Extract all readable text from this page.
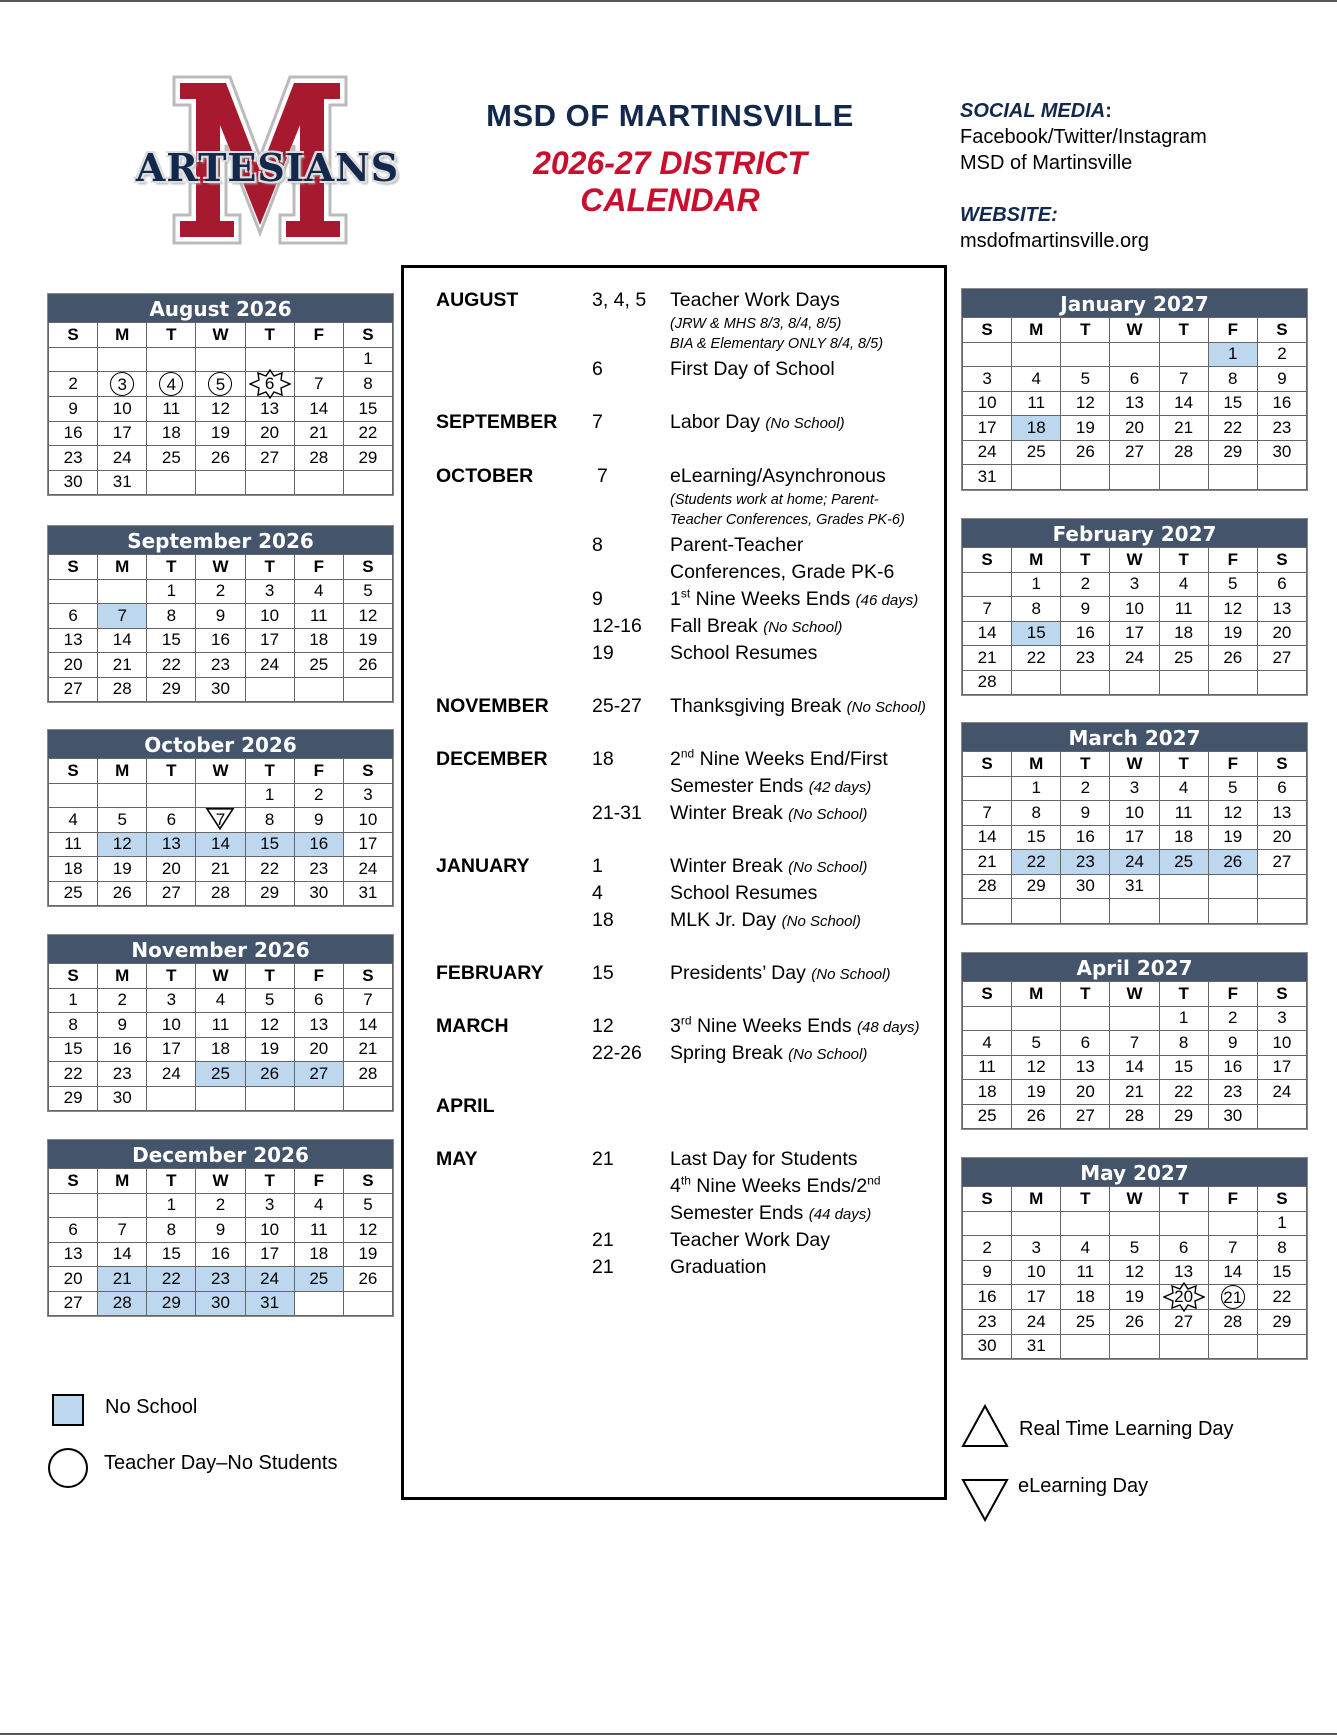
ARTESIANS
MSD OF MARTINSVILLE
2026-27 DISTRICT CALENDAR
SOCIAL MEDIA:
Facebook/Twitter/Instagram
MSD of Martinsville
WEBSITE:
msdofmartinsville.org
August 2026
S	M	T	W	T	F	S
						1
2	3	4	5	6	7	8
9	10	11	12	13	14	15
16	17	18	19	20	21	22
23	24	25	26	27	28	29
30	31					
September 2026
S	M	T	W	T	F	S
		1	2	3	4	5
6	7	8	9	10	11	12
13	14	15	16	17	18	19
20	21	22	23	24	25	26
27	28	29	30			
October 2026
S	M	T	W	T	F	S
				1	2	3
4	5	6	7	8	9	10
11	12	13	14	15	16	17
18	19	20	21	22	23	24
25	26	27	28	29	30	31
November 2026
S	M	T	W	T	F	S
1	2	3	4	5	6	7
8	9	10	11	12	13	14
15	16	17	18	19	20	21
22	23	24	25	26	27	28
29	30					
December 2026
S	M	T	W	T	F	S
		1	2	3	4	5
6	7	8	9	10	11	12
13	14	15	16	17	18	19
20	21	22	23	24	25	26
27	28	29	30	31		
January 2027
S	M	T	W	T	F	S
					1	2
3	4	5	6	7	8	9
10	11	12	13	14	15	16
17	18	19	20	21	22	23
24	25	26	27	28	29	30
31						
February 2027
S	M	T	W	T	F	S
	1	2	3	4	5	6
7	8	9	10	11	12	13
14	15	16	17	18	19	20
21	22	23	24	25	26	27
28						
March 2027
S	M	T	W	T	F	S
	1	2	3	4	5	6
7	8	9	10	11	12	13
14	15	16	17	18	19	20
21	22	23	24	25	26	27
28	29	30	31			

April 2027
S	M	T	W	T	F	S
				1	2	3
4	5	6	7	8	9	10
11	12	13	14	15	16	17
18	19	20	21	22	23	24
25	26	27	28	29	30	
May 2027
S	M	T	W	T	F	S
						1
2	3	4	5	6	7	8
9	10	11	12	13	14	15
16	17	18	19	20	21	22
23	24	25	26	27	28	29
30	31					
AUGUST	3, 4, 5 Teacher Work Days
(JRW & MHS 8/3, 8/4, 8/5)
BIA & Elementary ONLY 8/4, 8/5)
6	First Day of School
SEPTEMBER 7	Labor Day (No School)
OCTOBER	7	eLearning/Asynchronous
(Students work at home; Parent-
Teacher Conferences, Grades PK-6)
8	Parent-Teacher
Conferences, Grade PK-6
9	1st Nine Weeks Ends (46 days)
12-16 Fall Break (No School)
19	School Resumes
NOVEMBER 25-27 Thanksgiving Break (No School)
DECEMBER 18	2nd Nine Weeks End/First
Semester Ends (42 days)
21-31 Winter Break (No School)
JANUARY	1	Winter Break (No School)
4	School Resumes
18	MLK Jr. Day (No School)
FEBRUARY 15	Presidents’ Day (No School)
MARCH	12	3rd Nine Weeks Ends (48 days)
22-26 Spring Break (No School)
APRIL
MAY	21	Last Day for Students
4th Nine Weeks Ends/2nd
Semester Ends (44 days)
21	Teacher Work Day
21	Graduation
No School
Teacher Day–No Students
Real Time Learning Day
eLearning Day
